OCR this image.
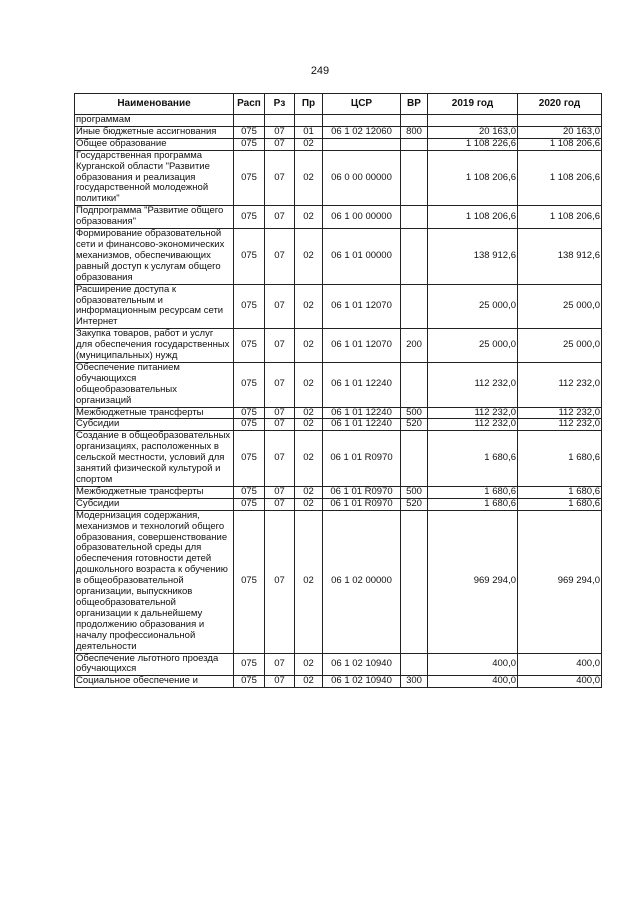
249
Наименование	Расп	Рз	Пр	ЦСР	ВР	2019 год	2020 год
программам							
Иные бюджетные ассигнования	075	07	01	06 1 02 12060	800	20 163,0	20 163,0
Общее образование	075	07	02			1 108 226,6	1 108 206,6
Государственная программа Курганской области "Развитие образования и реализация государственной молодежной политики"	075	07	02	06 0 00 00000		1 108 206,6	1 108 206,6
Подпрограмма "Развитие общего образования"	075	07	02	06 1 00 00000		1 108 206,6	1 108 206,6
Формирование образовательной сети и финансово-экономических механизмов, обеспечивающих равный доступ к услугам общего образования	075	07	02	06 1 01 00000		138 912,6	138 912,6
Расширение доступа к образовательным и информационным ресурсам сети Интернет	075	07	02	06 1 01 12070		25 000,0	25 000,0
Закупка товаров, работ и услуг для обеспечения государственных (муниципальных) нужд	075	07	02	06 1 01 12070	200	25 000,0	25 000,0
Обеспечение питанием обучающихся общеобразовательных организаций	075	07	02	06 1 01 12240		112 232,0	112 232,0
Межбюджетные трансферты	075	07	02	06 1 01 12240	500	112 232,0	112 232,0
Субсидии	075	07	02	06 1 01 12240	520	112 232,0	112 232,0
Создание в общеобразовательных организациях, расположенных в сельской местности, условий для занятий физической культурой и спортом	075	07	02	06 1 01 R0970		1 680,6	1 680,6
Межбюджетные трансферты	075	07	02	06 1 01 R0970	500	1 680,6	1 680,6
Субсидии	075	07	02	06 1 01 R0970	520	1 680,6	1 680,6
Модернизация содержания, механизмов и технологий общего образования, совершенствование образовательной среды для обеспечения готовности детей дошкольного возраста к обучению в общеобразовательной организации, выпускников общеобразовательной организации к дальнейшему продолжению образования и началу профессиональной деятельности	075	07	02	06 1 02 00000		969 294,0	969 294,0
Обеспечение льготного проезда обучающихся	075	07	02	06 1 02 10940		400,0	400,0
Социальное обеспечение и	075	07	02	06 1 02 10940	300	400,0	400,0
